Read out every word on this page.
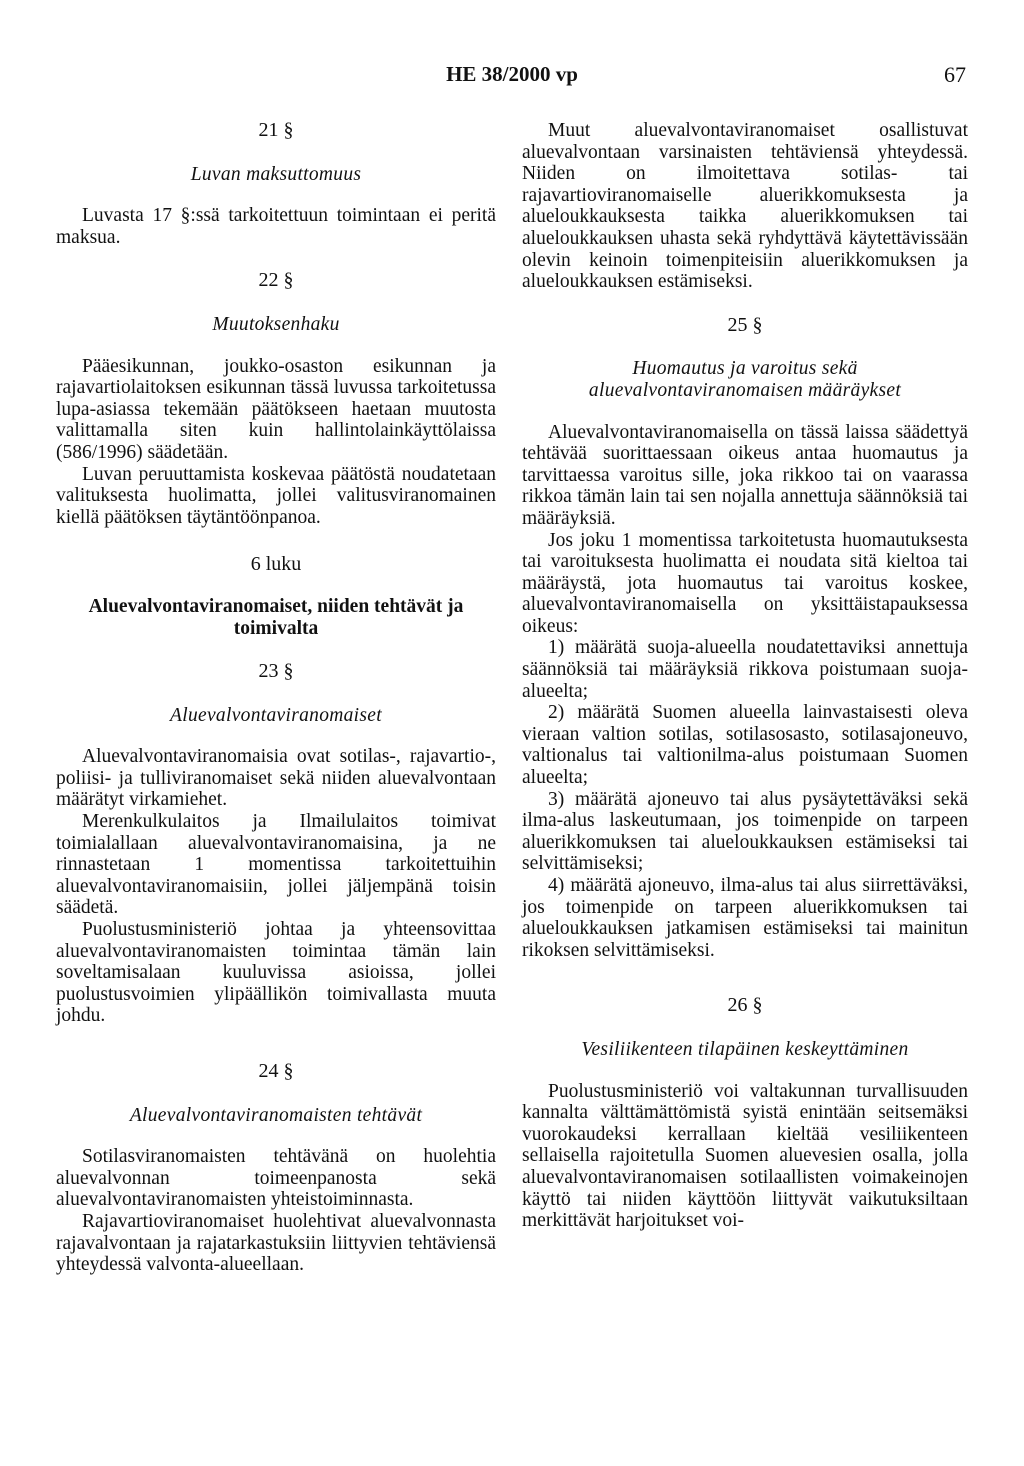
HE 38/2000 vp	67

21 §

Luvan maksuttomuus

Luvasta 17 §:ssä tarkoitettuun toimintaan ei peritä maksua.

22 §

Muutoksenhaku

Pääesikunnan, joukko-osaston esikunnan ja rajavartiolaitoksen esikunnan tässä luvussa tarkoitetussa lupa-asiassa tekemään päätökseen haetaan muutosta valittamalla siten kuin hallintolainkäyttölaissa (586/1996) säädetään.

Luvan peruuttamista koskevaa päätöstä noudatetaan valituksesta huolimatta, jollei valitusviranomainen kiellä päätöksen täytäntöönpanoa.

6 luku

Aluevalvontaviranomaiset, niiden tehtävät ja toimivalta

23 §

Aluevalvontaviranomaiset

Aluevalvontaviranomaisia ovat sotilas-, rajavartio-, poliisi- ja tulliviranomaiset sekä niiden aluevalvontaan määrätyt virkamiehet.

Merenkulkulaitos ja Ilmailulaitos toimivat toimialallaan aluevalvontaviranomaisina, ja ne rinnastetaan 1 momentissa tarkoitettuihin aluevalvontaviranomaisiin, jollei jäljempänä toisin säädetä.

Puolustusministeriö johtaa ja yhteensovittaa aluevalvontaviranomaisten toimintaa tämän lain soveltamisalaan kuuluvissa asioissa, jollei puolustusvoimien ylipäällikön toimivallasta muuta johdu.

24 §

Aluevalvontaviranomaisten tehtävät

Sotilasviranomaisten tehtävänä on huolehtia aluevalvonnan toimeenpanosta sekä aluevalvontaviranomaisten yhteistoiminnasta.

Rajavartioviranomaiset huolehtivat aluevalvonnasta rajavalvontaan ja rajatarkastuksiin liittyvien tehtäviensä yhteydessä valvonta-alueellaan.

Muut aluevalvontaviranomaiset osallistuvat aluevalvontaan varsinaisten tehtäviensä yhteydessä. Niiden on ilmoitettava sotilas- tai rajavartioviranomaiselle aluerikkomuksesta ja alueloukkauksesta taikka aluerikkomuksen tai alueloukkauksen uhasta sekä ryhdyttävä käytettävissään olevin keinoin toimenpiteisiin aluerikkomuksen ja alueloukkauksen estämiseksi.

25 §

Huomautus ja varoitus sekä

aluevalvontaviranomaisen määräykset

Aluevalvontaviranomaisella on tässä laissa säädettyä tehtävää suorittaessaan oikeus antaa huomautus ja tarvittaessa varoitus sille, joka rikkoo tai on vaarassa rikkoa tämän lain tai sen nojalla annettuja säännöksiä tai määräyksiä.

Jos joku 1 momentissa tarkoitetusta huomautuksesta tai varoituksesta huolimatta ei noudata sitä kieltoa tai määräystä, jota huomautus tai varoitus koskee, aluevalvontaviranomaisella on yksittäistapauksessa oikeus:

1) määrätä suoja-alueella noudatettaviksi annettuja säännöksiä tai määräyksiä rikkova poistumaan suoja-alueelta;

2) määrätä Suomen alueella lainvastaisesti oleva vieraan valtion sotilas, sotilasosasto, sotilasajoneuvo, valtionalus tai valtionilma-alus poistumaan Suomen alueelta;

3) määrätä ajoneuvo tai alus pysäytettäväksi sekä ilma-alus laskeutumaan, jos toimenpide on tarpeen aluerikkomuksen tai alueloukkauksen estämiseksi tai selvittämiseksi;

4) määrätä ajoneuvo, ilma-alus tai alus siirrettäväksi, jos toimenpide on tarpeen aluerikkomuksen tai alueloukkauksen jatkamisen estämiseksi tai mainitun rikoksen selvittämiseksi.

26 §

Vesiliikenteen tilapäinen keskeyttäminen

Puolustusministeriö voi valtakunnan turvallisuuden kannalta välttämättömistä syistä enintään seitsemäksi vuorokaudeksi kerrallaan kieltää vesiliikenteen sellaisella rajoitetulla Suomen aluevesien osalla, jolla aluevalvontaviranomaisen sotilaallisten voimakeinojen käyttö tai niiden käyttöön liittyvät vaikutuksiltaan merkittävät harjoitukset voi-
